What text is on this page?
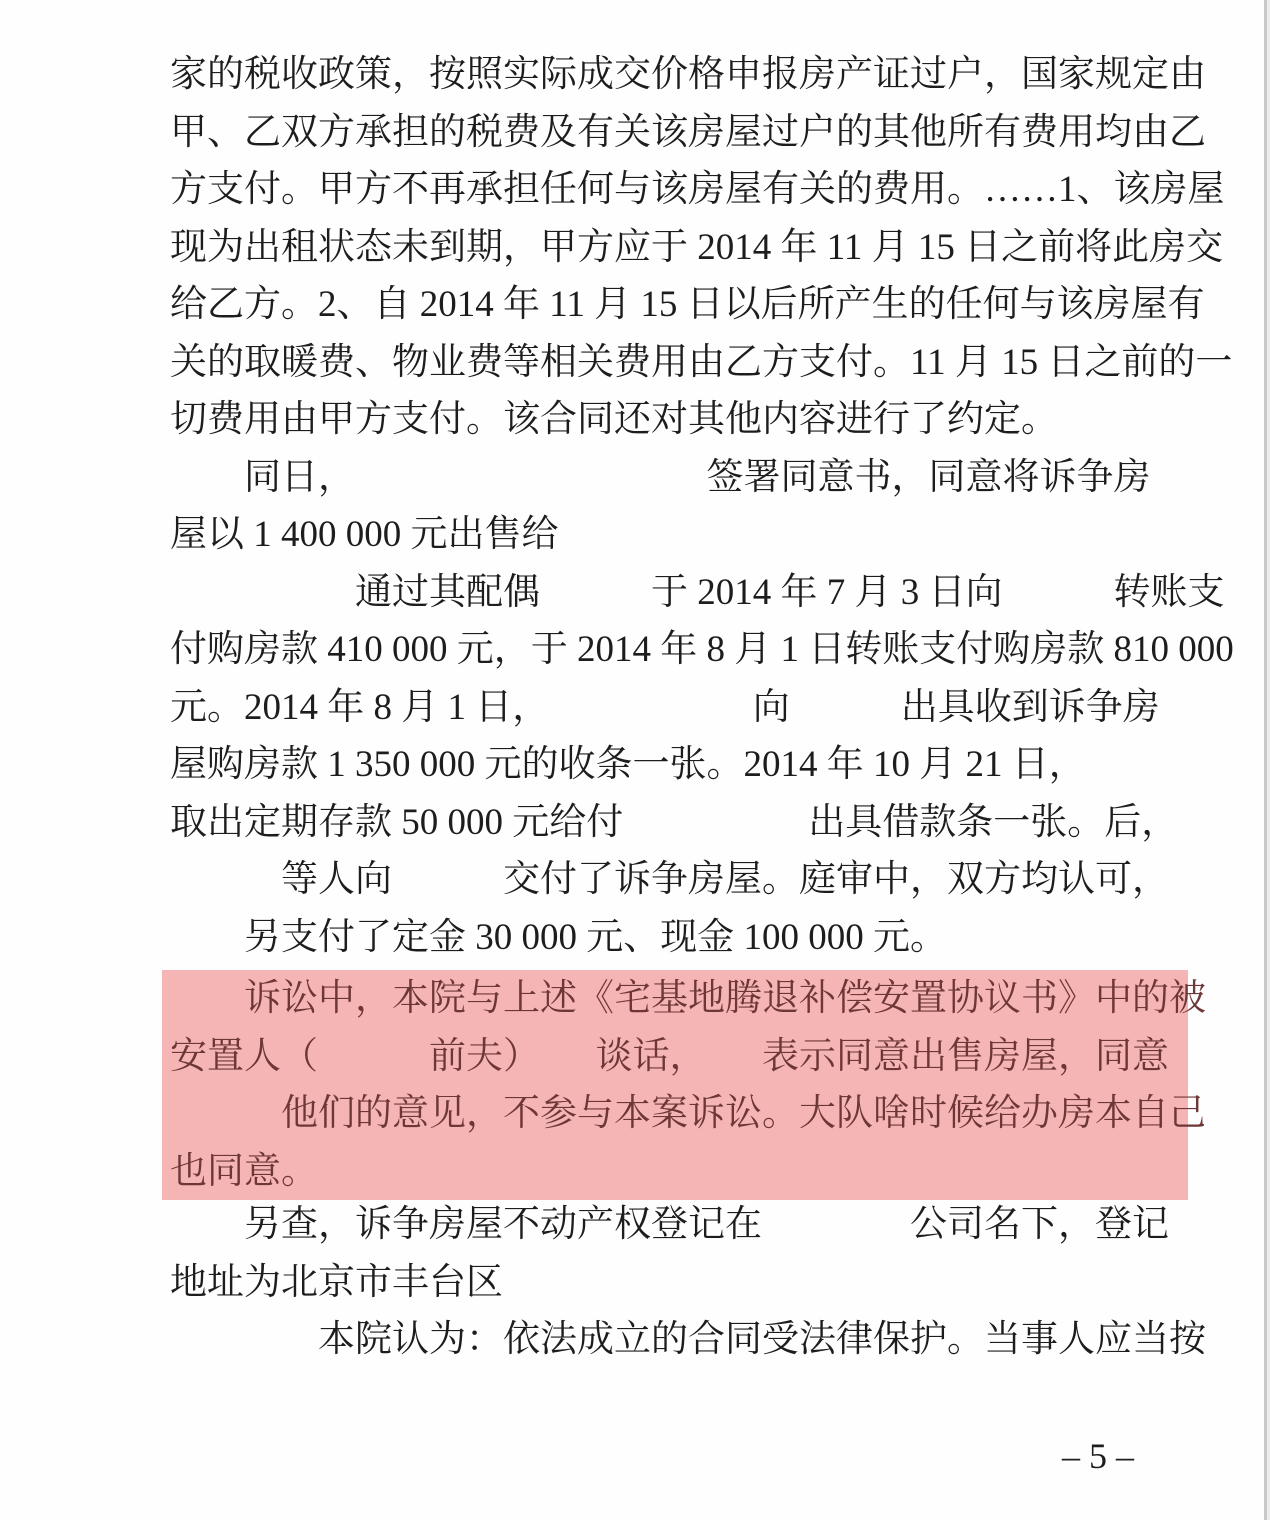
家的税收政策，按照实际成交价格申报房产证过户，国家规定由
甲、乙双方承担的税费及有关该房屋过户的其他所有费用均由乙
方支付。甲方不再承担任何与该房屋有关的费用。……1、该房屋
现为出租状态未到期，甲方应于 2014 年 11 月 15 日之前将此房交
给乙方。2、自 2014 年 11 月 15 日以后所产生的任何与该房屋有
关的取暖费、物业费等相关费用由乙方支付。11 月 15 日之前的一
切费用由甲方支付。该合同还对其他内容进行了约定。
　　同日，　　　　　　　　　　签署同意书，同意将诉争房
屋以 1 400 000 元出售给
　　　　　通过其配偶　　　于 2014 年 7 月 3 日向　　　转账支
付购房款 410 000 元，于 2014 年 8 月 1 日转账支付购房款 810 000
元。2014 年 8 月 1 日，　　　　　　向　　　出具收到诉争房
屋购房款 1 350 000 元的收条一张。2014 年 10 月 21 日，
取出定期存款 50 000 元给付　　　　　出具借款条一张。后，
　　　等人向　　　交付了诉争房屋。庭审中，双方均认可，
　　另支付了定金 30 000 元、现金 100 000 元。
　　诉讼中，本院与上述《宅基地腾退补偿安置协议书》中的被
安置人（　　　前夫）　　谈话，　　表示同意出售房屋，同意
　　　他们的意见，不参与本案诉讼。大队啥时候给办房本自己
也同意。
　　另查，诉争房屋不动产权登记在　　　　公司名下，登记
地址为北京市丰台区
　　　　本院认为：依法成立的合同受法律保护。当事人应当按
– 5 –
